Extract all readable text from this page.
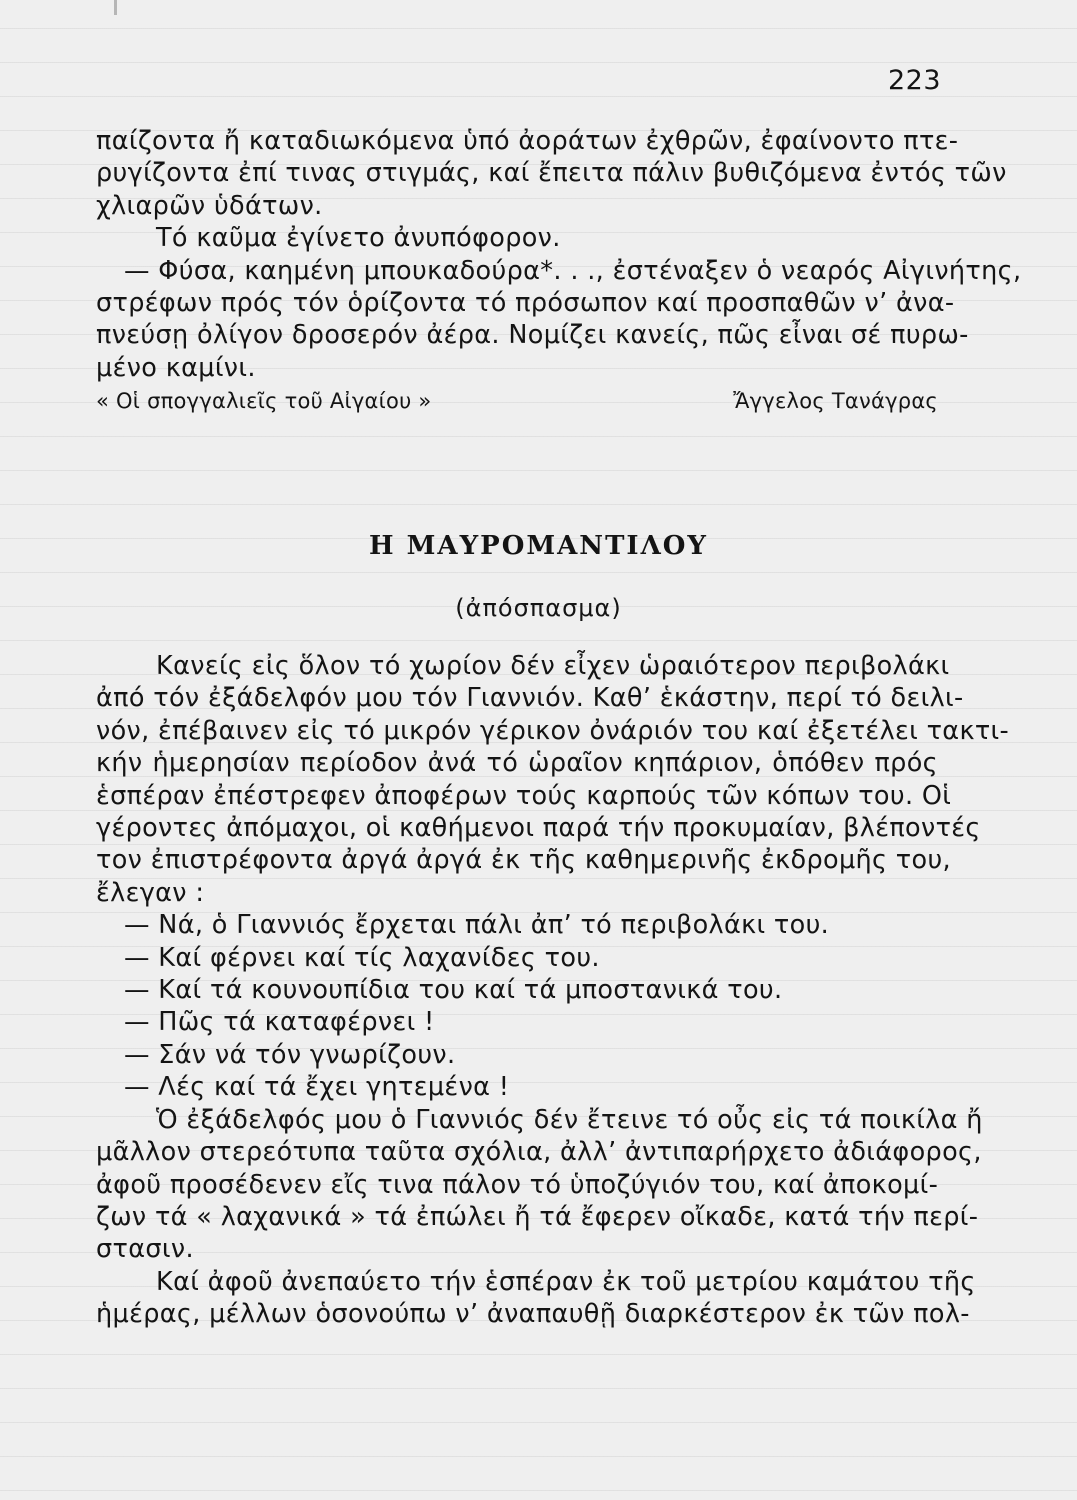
223
παίζοντα ἤ καταδιωκόμενα ὑπό ἀοράτων ἐχθρῶν, ἐφαίνοντο πτε-
ρυγίζοντα ἐπί τινας στιγμάς, καί ἔπειτα πάλιν βυθιζόμενα ἐντός τῶν
χλιαρῶν ὑδάτων.
Τό καῦμα ἐγίνετο ἀνυπόφορον.
— Φύσα, καημένη μπουκαδούρα*. . ., ἐστέναξεν ὁ νεαρός Αἰγινήτης,
στρέφων πρός τόν ὁρίζοντα τό πρόσωπον καί προσπαθῶν ν’ ἀνα-
πνεύσῃ ὀλίγον δροσερόν ἀέρα. Νομίζει κανείς, πῶς εἶναι σέ πυρω-
μένο καμίνι.
« Οἱ σπογγαλιεῖς τοῦ Αἰγαίου »	Ἄγγελος Τανάγρας
Η ΜΑΥΡΟΜΑΝΤΙΛΟΥ
(ἀπόσπασμα)
Κανείς εἰς ὅλον τό χωρίον δέν εἶχεν ὡραιότερον περιβολάκι
ἀπό τόν ἐξάδελφόν μου τόν Γιαννιόν. Καθ’ ἑκάστην, περί τό δειλι-
νόν, ἐπέβαινεν εἰς τό μικρόν γέρικον ὀνάριόν του καί ἐξετέλει τακτι-
κήν ἡμερησίαν περίοδον ἀνά τό ὡραῖον κηπάριον, ὁπόθεν πρός
ἑσπέραν ἐπέστρεφεν ἀποφέρων τούς καρπούς τῶν κόπων του. Οἱ
γέροντες ἀπόμαχοι, οἱ καθήμενοι παρά τήν προκυμαίαν, βλέποντές
τον ἐπιστρέφοντα ἀργά ἀργά ἐκ τῆς καθημερινῆς ἐκδρομῆς του,
ἔλεγαν :
— Νά, ὁ Γιαννιός ἔρχεται πάλι ἀπ’ τό περιβολάκι του.
— Καί φέρνει καί τίς λαχανίδες του.
— Καί τά κουνουπίδια του καί τά μποστανικά του.
— Πῶς τά καταφέρνει !
— Σάν νά τόν γνωρίζουν.
— Λές καί τά ἔχει γητεμένα !
Ὁ ἐξάδελφός μου ὁ Γιαννιός δέν ἔτεινε τό οὖς εἰς τά ποικίλα ἤ
μᾶλλον στερεότυπα ταῦτα σχόλια, ἀλλ’ ἀντιπαρήρχετο ἀδιάφορος,
ἀφοῦ προσέδενεν εἴς τινα πάλον τό ὑποζύγιόν του, καί ἀποκομί-
ζων τά « λαχανικά » τά ἐπώλει ἤ τά ἔφερεν οἴκαδε, κατά τήν περί-
στασιν.
Καί ἀφοῦ ἀνεπαύετο τήν ἑσπέραν ἐκ τοῦ μετρίου καμάτου τῆς
ἡμέρας, μέλλων ὁσονούπω ν’ ἀναπαυθῇ διαρκέστερον ἐκ τῶν πολ-
